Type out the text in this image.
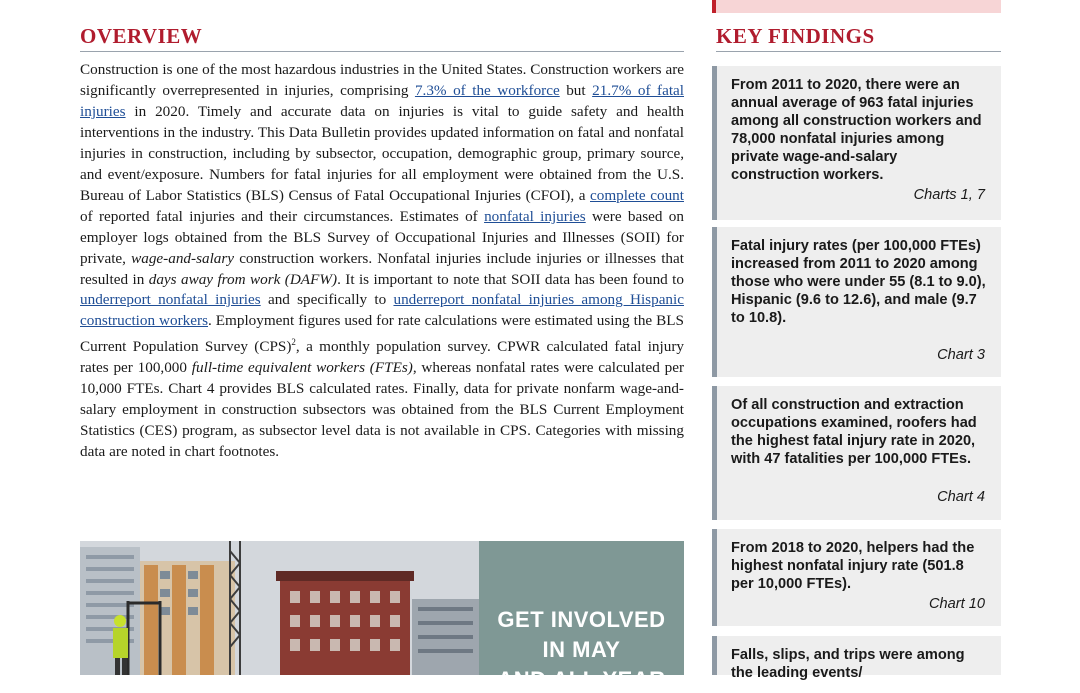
OVERVIEW

Construction is one of the most hazardous industries in the United States. Construction workers are significantly overrepresented in injuries, comprising 7.3% of the workforce but 21.7% of fatal injuries in 2020. Timely and accurate data on injuries is vital to guide safety and health interventions in the industry. This Data Bulletin provides updated information on fatal and nonfatal injuries in construction, including by subsector, occupation, demographic group, primary source, and event/exposure. Numbers for fatal injuries for all employment were obtained from the U.S. Bureau of Labor Statistics (BLS) Census of Fatal Occupational Injuries (CFOI), a complete count of reported fatal injuries and their circumstances. Estimates of nonfatal injuries were based on employer logs obtained from the BLS Survey of Occupational Injuries and Illnesses (SOII) for private, wage-and-salary construction workers. Nonfatal injuries include injuries or illnesses that resulted in days away from work (DAFW). It is important to note that SOII data has been found to underreport nonfatal injuries and specifically to underreport nonfatal injuries among Hispanic construction workers. Employment figures used for rate calculations were estimated using the BLS Current Population Survey (CPS)$^2$, a monthly population survey. CPWR calculated fatal injury rates per 100,000 full-time equivalent workers (FTEs), whereas nonfatal rates were calculated per 10,000 FTEs. Chart 4 provides BLS calculated rates. Finally, data for private nonfarm wage-and-salary employment in construction subsectors was obtained from the BLS Current Employment Statistics (CES) program, as subsector level data is not available in CPS. Categories with missing data are noted in chart footnotes.

GET INVOLVED
IN MAY
AND ALL YEAR
KEY FINDINGS
From 2011 to 2020, there were an annual average of 963 fatal injuries among all construction workers and 78,000 nonfatal injuries among private wage-and-salary construction workers.
Charts 1, 7
Fatal injury rates (per 100,000 FTEs) increased from 2011 to 2020 among those who were under 55 (8.1 to 9.0), Hispanic (9.6 to 12.6), and male (9.7 to 10.8).
Chart 3
Of all construction and extraction occupations examined, roofers had the highest fatal injury rate in 2020, with 47 fatalities per 100,000 FTEs.
Chart 4
From 2018 to 2020, helpers had the highest nonfatal injury rate (501.8 per 10,000 FTEs).
Chart 10
Falls, slips, and trips were among the leading events/
